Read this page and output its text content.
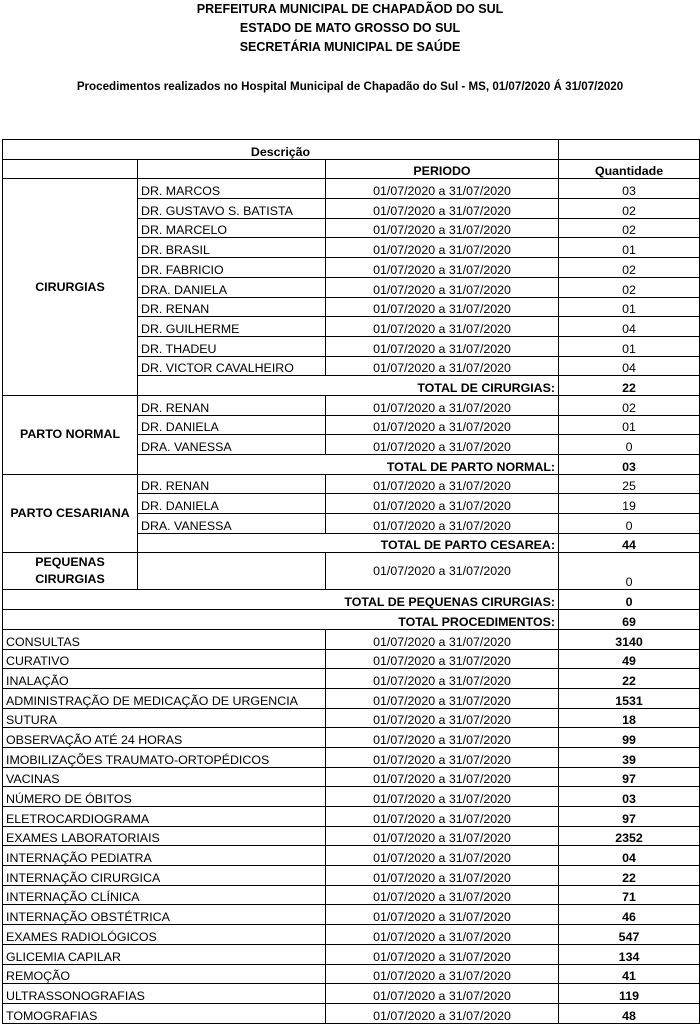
PREFEITURA MUNICIPAL DE CHAPADÃOD DO SUL
ESTADO DE MATO GROSSO DO SUL
SECRETÁRIA MUNICIPAL DE SAÚDE
Procedimentos realizados no Hospital Municipal de Chapadão do Sul - MS, 01/07/2020 Á 31/07/2020
Descrição			
		PERIODO	Quantidade
CIRURGIAS	DR. MARCOS	01/07/2020 a 31/07/2020	03
	DR. GUSTAVO S. BATISTA	01/07/2020 a 31/07/2020	02
	DR. MARCELO	01/07/2020 a 31/07/2020	02
	DR. BRASIL	01/07/2020 a 31/07/2020	01
	DR. FABRICIO	01/07/2020 a 31/07/2020	02
	DRA. DANIELA	01/07/2020 a 31/07/2020	02
	DR. RENAN	01/07/2020 a 31/07/2020	01
	DR. GUILHERME	01/07/2020 a 31/07/2020	04
	DR. THADEU	01/07/2020 a 31/07/2020	01
	DR. VICTOR CAVALHEIRO	01/07/2020 a 31/07/2020	04
	TOTAL DE CIRURGIAS:		22
PARTO NORMAL	DR. RENAN	01/07/2020 a 31/07/2020	02
	DR. DANIELA	01/07/2020 a 31/07/2020	01
	DRA. VANESSA	01/07/2020 a 31/07/2020	0
	TOTAL DE PARTO NORMAL:		03
PARTO CESARIANA	DR. RENAN	01/07/2020 a 31/07/2020	25
	DR. DANIELA	01/07/2020 a 31/07/2020	19
	DRA. VANESSA	01/07/2020 a 31/07/2020	0
	TOTAL DE PARTO CESAREA:		44
PEQUENAS CIRURGIAS		01/07/2020 a 31/07/2020	0
TOTAL DE PEQUENAS CIRURGIAS:			0
TOTAL PROCEDIMENTOS:			69
CONSULTAS		01/07/2020 a 31/07/2020	3140
CURATIVO		01/07/2020 a 31/07/2020	49
INALAÇÃO		01/07/2020 a 31/07/2020	22
ADMINISTRAÇÃO DE MEDICAÇÃO DE URGENCIA		01/07/2020 a 31/07/2020	1531
SUTURA		01/07/2020 a 31/07/2020	18
OBSERVAÇÃO ATÉ 24 HORAS		01/07/2020 a 31/07/2020	99
IMOBILIZAÇÕES TRAUMATO-ORTOPÉDICOS		01/07/2020 a 31/07/2020	39
VACINAS		01/07/2020 a 31/07/2020	97
NÚMERO DE ÓBITOS		01/07/2020 a 31/07/2020	03
ELETROCARDIOGRAMA		01/07/2020 a 31/07/2020	97
EXAMES LABORATORIAIS		01/07/2020 a 31/07/2020	2352
INTERNAÇÃO PEDIATRA		01/07/2020 a 31/07/2020	04
INTERNAÇÃO CIRURGICA		01/07/2020 a 31/07/2020	22
INTERNAÇÃO CLÍNICA		01/07/2020 a 31/07/2020	71
INTERNAÇÃO OBSTÉTRICA		01/07/2020 a 31/07/2020	46
EXAMES RADIOLÓGICOS		01/07/2020 a 31/07/2020	547
GLICEMIA CAPILAR		01/07/2020 a 31/07/2020	134
REMOÇÃO		01/07/2020 a 31/07/2020	41
ULTRASSONOGRAFIAS		01/07/2020 a 31/07/2020	119
TOMOGRAFIAS		01/07/2020 a 31/07/2020	48
